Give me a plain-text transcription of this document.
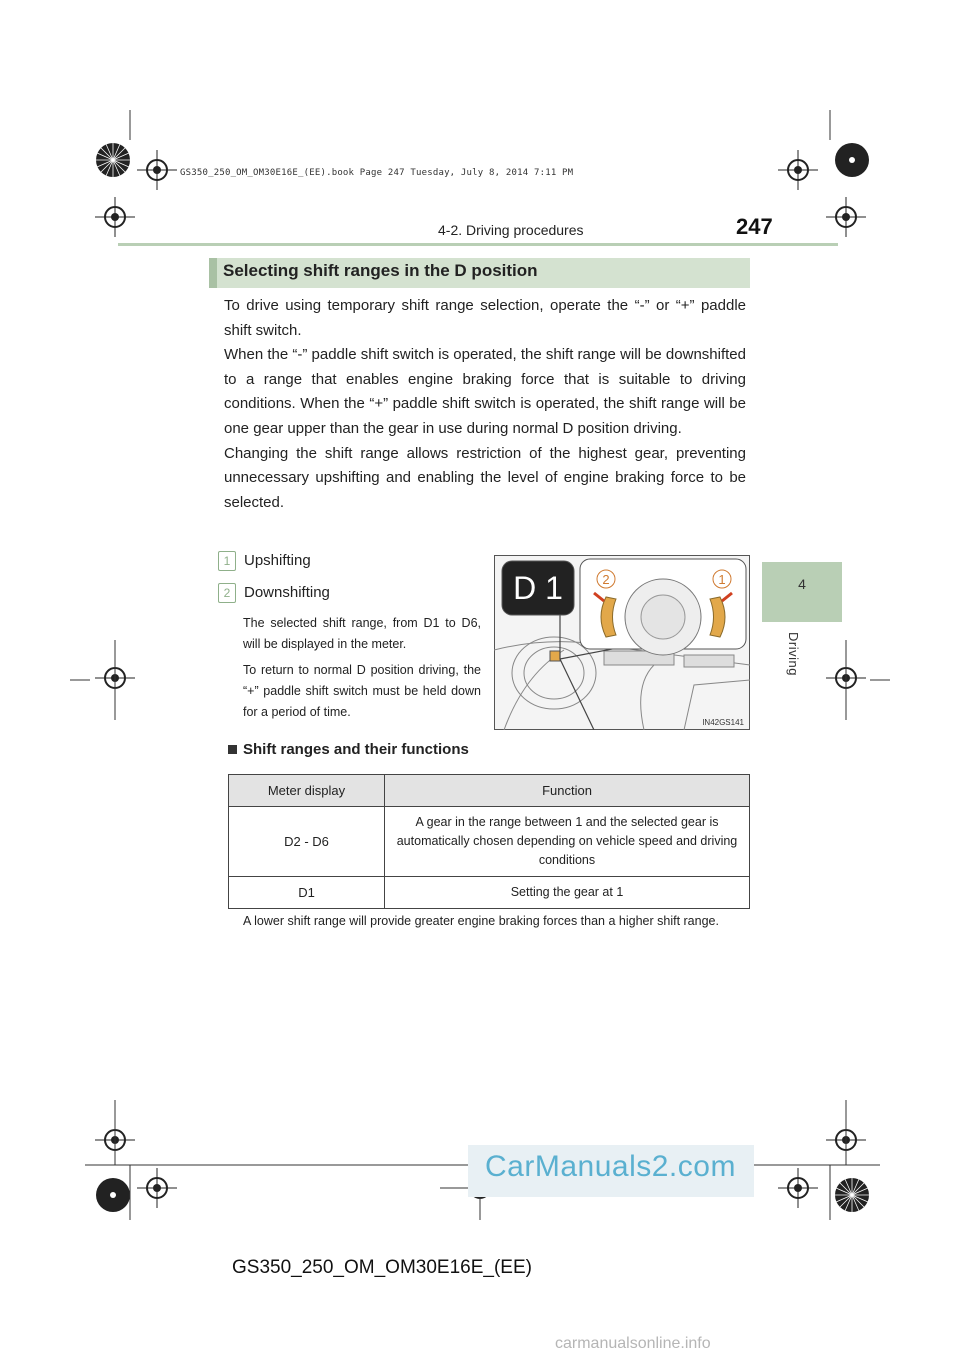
GS350_250_OM_OM30E16E_(EE).book Page 247 Tuesday, July 8, 2014 7:11 PM
4-2. Driving procedures	247
4
Driving
Selecting shift ranges in the D position

To drive using temporary shift range selection, operate the “-” or “+” paddle shift switch.

When the “-” paddle shift switch is operated, the shift range will be downshifted to a range that enables engine braking force that is suitable to driving conditions. When the “+” paddle shift switch is operated, the shift range will be one gear upper than the gear in use during normal D position driving.

Changing the shift range allows restriction of the highest gear, preventing unnecessary upshifting and enabling the level of engine braking force to be selected.

1 Upshifting
2 Downshifting

The selected shift range, from D1 to D6, will be displayed in the meter.

To return to normal D position driving, the “+” paddle shift switch must be held down for a period of time.

D 1	2	1
IN42GS141
Shift ranges and their functions
Meter display	Function
D2 - D6	A gear in the range between 1 and the selected gear is automatically chosen depending on vehicle speed and driving conditions
D1	Setting the gear at 1
A lower shift range will provide greater engine braking forces than a higher shift range.
CarManuals2.com
GS350_250_OM_OM30E16E_(EE)
carmanualsonline.info
